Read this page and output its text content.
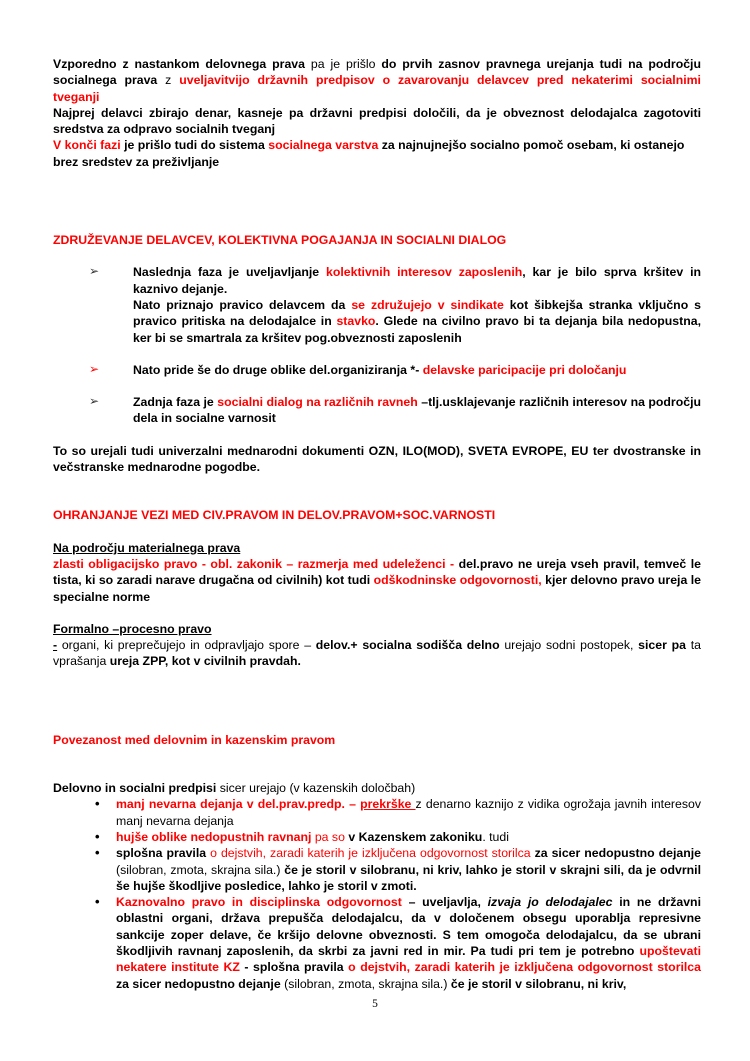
Vzporedno z nastankom delovnega prava pa je prišlo do prvih zasnov pravnega urejanja tudi na področju socialnega prava z uveljavitvijo državnih predpisov o zavarovanju delavcev pred nekaterimi socialnimi tveganji

Najprej delavci zbirajo denar, kasneje pa državni predpisi določili, da je obveznost delodajalca zagotoviti sredstva za odpravo socialnih tveganj

V konči fazi je prišlo tudi do sistema socialnega varstva za najnujnejšo socialno pomoč osebam, ki ostanejo brez sredstev za preživljanje

ZDRUŽEVANJE DELAVCEV, KOLEKTIVNA POGAJANJA IN SOCIALNI DIALOG

➢	Naslednja faza je uveljavljanje kolektivnih interesov zaposlenih, kar je bilo sprva kršitev in kaznivo dejanje.
Nato priznajo pravico delavcem da se združujejo v sindikate kot šibkejša stranka vključno s pravico pritiska na delodajalce in stavko. Glede na civilno pravo bi ta dejanja bila nedopustna, ker bi se smartrala za kršitev pog.obveznosti zaposlenih
➢	Nato pride še do druge oblike del.organiziranja *- delavske paricipacije pri določanju
➢	Zadnja faza je socialni dialog na različnih ravneh –tlj.usklajevanje različnih interesov na področju dela in socialne varnosit

To so urejali tudi univerzalni mednarodni dokumenti OZN, ILO(MOD), SVETA EVROPE, EU ter dvostranske in večstranske mednarodne pogodbe.

OHRANJANJE VEZI MED CIV.PRAVOM IN DELOV.PRAVOM+SOC.VARNOSTI

Na področju materialnega prava

zlasti obligacijsko pravo - obl. zakonik – razmerja med udeleženci - del.pravo ne ureja vseh pravil, temveč le tista, ki so zaradi narave drugačna od civilnih) kot tudi odškodninske odgovornosti, kjer delovno pravo ureja le specialne norme

Formalno –procesno pravo

- organi, ki preprečujejo in odpravljajo spore – delov.+ socialna sodišča delno urejajo sodni postopek, sicer pa ta vprašanja ureja ZPP, kot v civilnih pravdah.

Povezanost med delovnim in kazenskim pravom

Delovno in socialni predpisi sicer urejajo (v kazenskih določbah)

• manj nevarna dejanja v del.prav.predp. – prekrške z denarno kaznijo z vidika ogrožaja javnih interesov manj nevarna dejanja
• hujše oblike nedopustnih ravnanj pa so v Kazenskem zakoniku. tudi
• splošna pravila o dejstvih, zaradi katerih je izključena odgovornost storilca za sicer nedopustno dejanje (silobran, zmota, skrajna sila.) če je storil v silobranu, ni kriv, lahko je storil v skrajni sili, da je odvrnil še hujše škodljive posledice, lahko je storil v zmoti.
• Kaznovalno pravo in disciplinska odgovornost – uveljavlja, izvaja jo delodajalec in ne državni oblastni organi, država prepušča delodajalcu, da v določenem obsegu uporablja represivne sankcije zoper delave, če kršijo delovne obveznosti. S tem omogoča delodajalcu, da se ubrani škodljivih ravnanj zaposlenih, da skrbi za javni red in mir. Pa tudi pri tem je potrebno upoštevati nekatere institute KZ - splošna pravila o dejstvih, zaradi katerih je izključena odgovornost storilca za sicer nedopustno dejanje (silobran, zmota, skrajna sila.) če je storil v silobranu, ni kriv,
5
